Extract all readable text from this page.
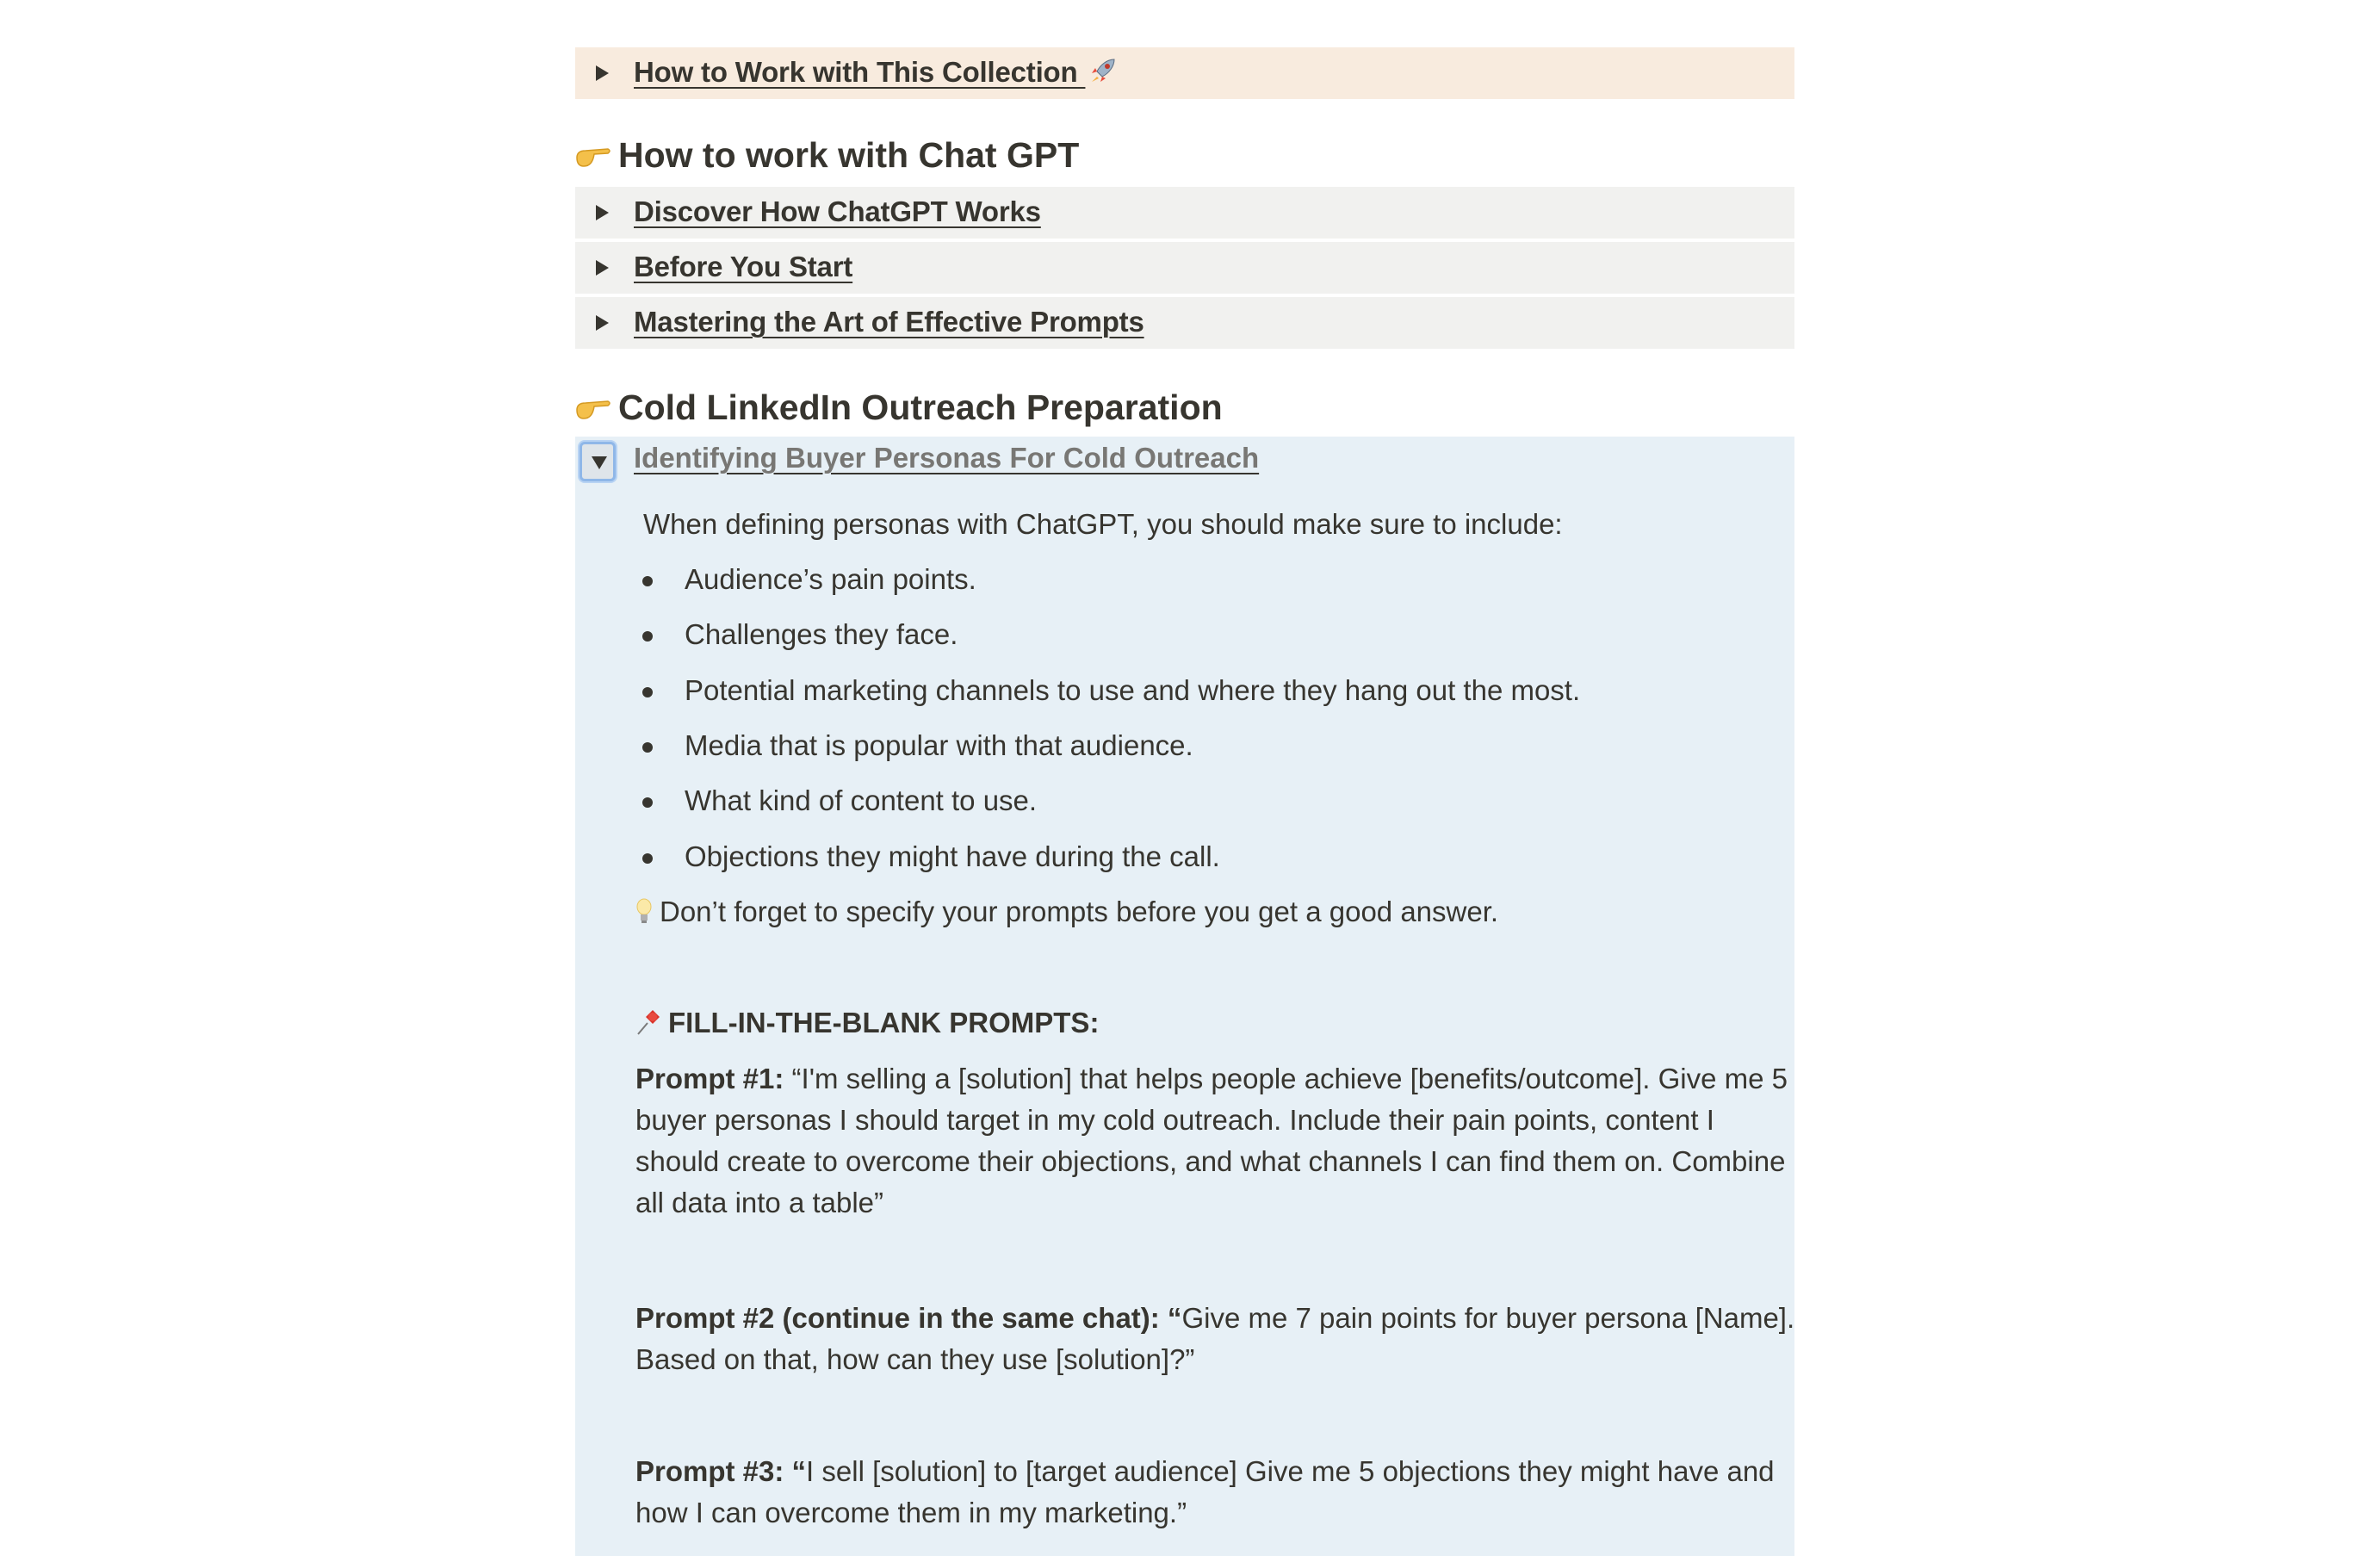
How to Work with This Collection
How to work with Chat GPT
Discover How ChatGPT Works
Before You Start
Mastering the Art of Effective Prompts
Cold LinkedIn Outreach Preparation
Identifying Buyer Personas For Cold Outreach
When defining personas with ChatGPT, you should make sure to include:
Audience’s pain points.
Challenges they face.
Potential marketing channels to use and where they hang out the most.
Media that is popular with that audience.
What kind of content to use.
Objections they might have during the call.
Don’t forget to specify your prompts before you get a good answer.
FILL-IN-THE-BLANK PROMPTS:
Prompt #1: “I'm selling a [solution] that helps people achieve [benefits/outcome]. Give me 5 buyer personas I should target in my cold outreach. Include their pain points, content I should create to overcome their objections, and what channels I can find them on. Combine all data into a table”
Prompt #2 (continue in the same chat): “Give me 7 pain points for buyer persona [Name]. Based on that, how can they use [solution]?”
Prompt #3: “I sell [solution] to [target audience] Give me 5 objections they might have and how I can overcome them in my marketing.”
